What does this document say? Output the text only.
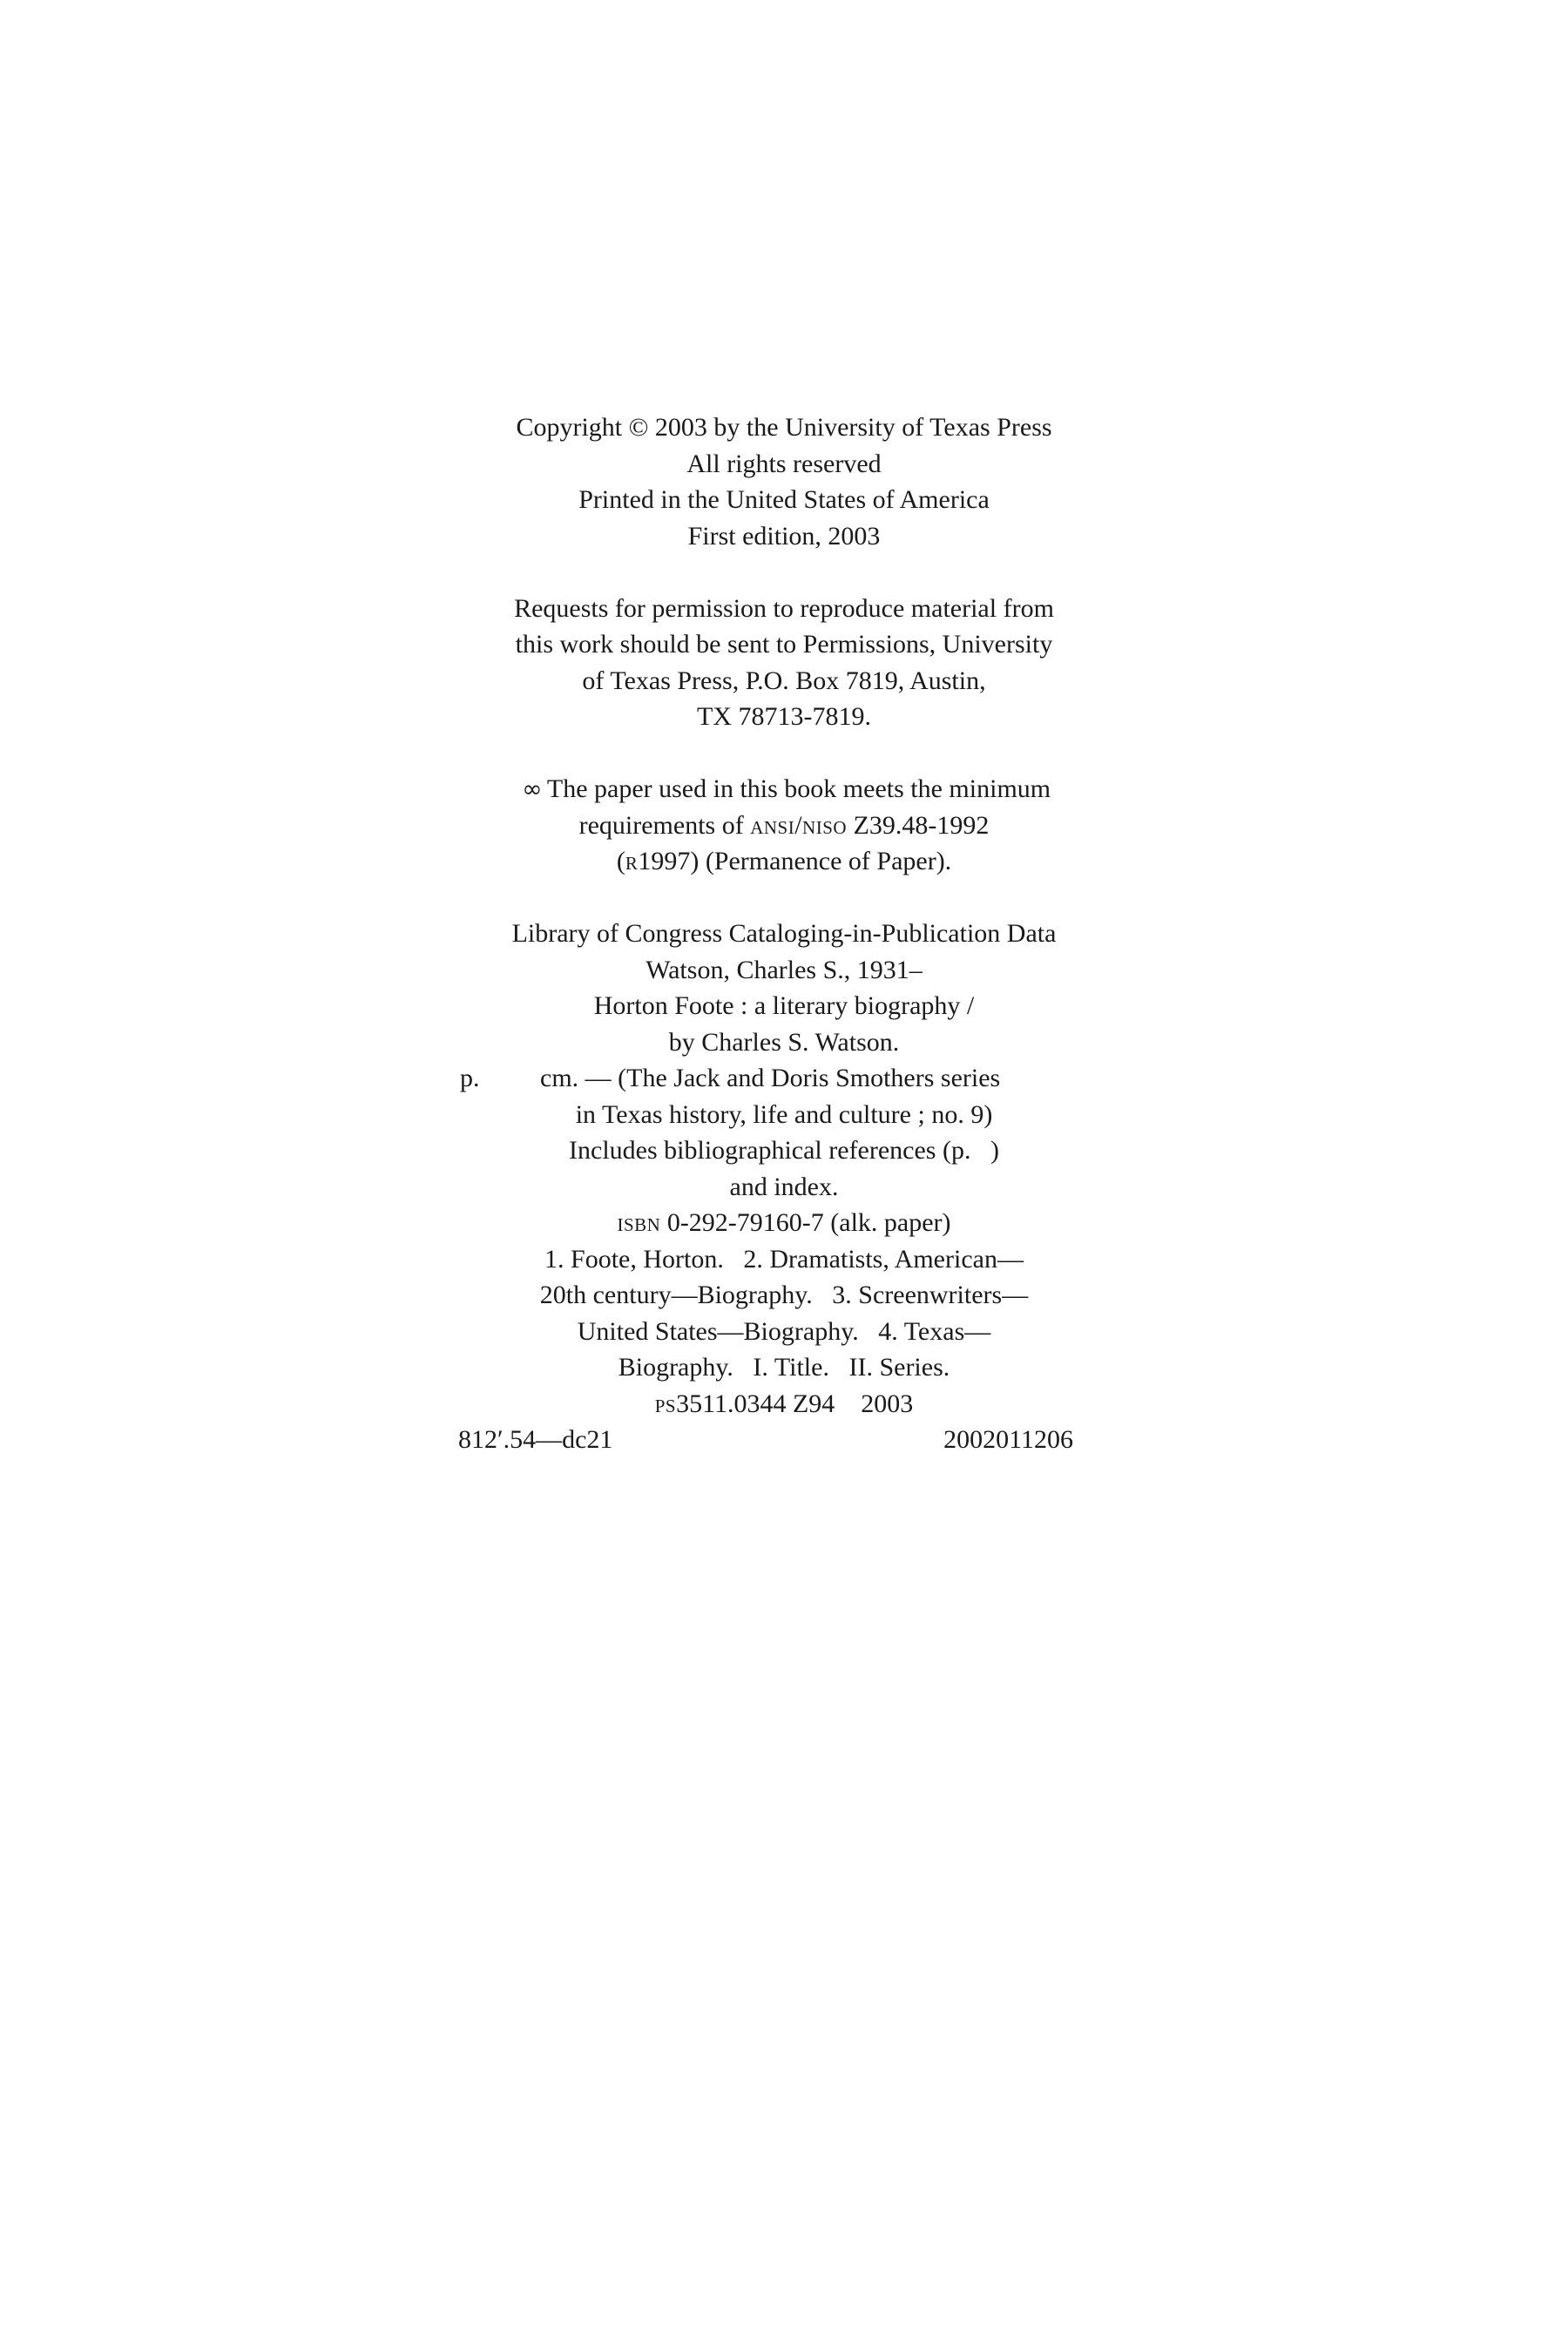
Copyright © 2003 by the University of Texas Press
All rights reserved
Printed in the United States of America
First edition, 2003

Requests for permission to reproduce material from
this work should be sent to Permissions, University
of Texas Press, P.O. Box 7819, Austin,
TX 78713-7819.

∞ The paper used in this book meets the minimum
requirements of ansi/niso Z39.48-1992
(r1997) (Permanence of Paper).

Library of Congress Cataloging-in-Publication Data
Watson, Charles S., 1931–
Horton Foote : a literary biography /
by Charles S. Watson.
p.	cm. — (The Jack and Doris Smothers series
in Texas history, life and culture ; no. 9)
Includes bibliographical references (p.   )
and index.
isbn 0-292-79160-7 (alk. paper)
1. Foote, Horton.   2. Dramatists, American—
20th century—Biography.   3. Screenwriters—
United States—Biography.   4. Texas—
Biography.   I. Title.   II. Series.
ps3511.0344 Z94    2003
812′.54—dc21	2002011206
